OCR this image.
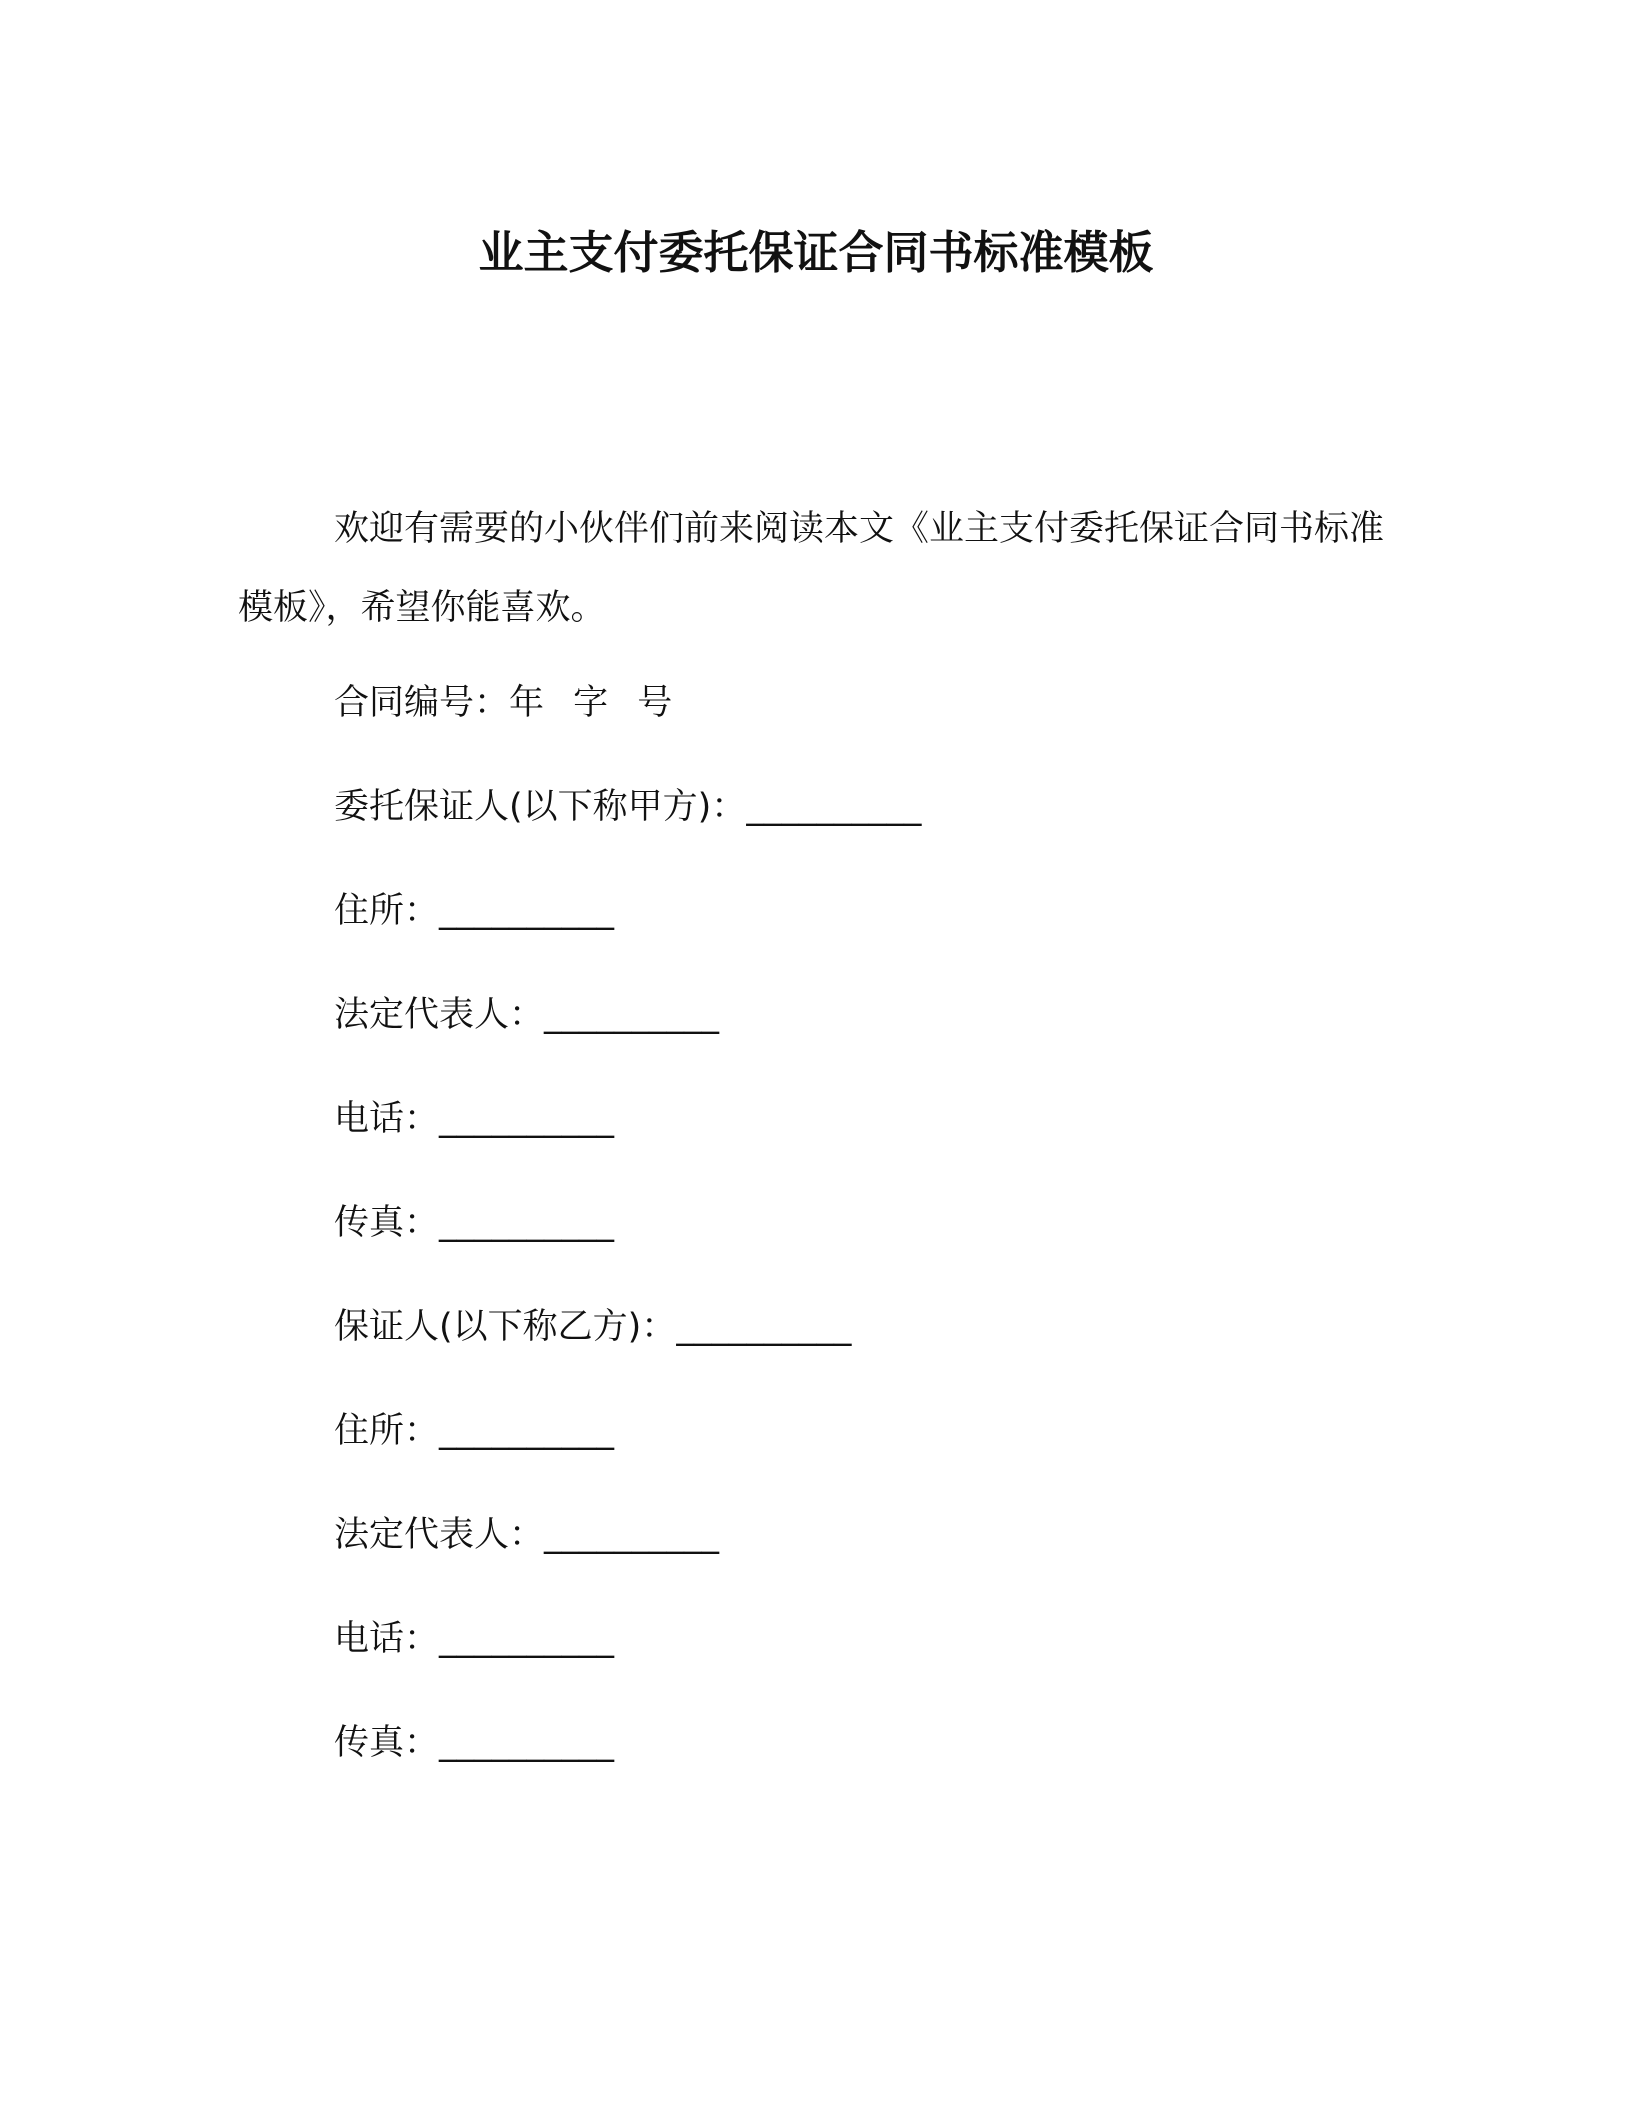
业主支付委托保证合同书标准模板

欢迎有需要的小伙伴们前来阅读本文《业主支付委托保证合同书标准模板》，希望你能喜欢。

合同编号：年 字 号
委托保证人(以下称甲方)：__________
住所：__________
法定代表人：__________
电话：__________
传真：__________
保证人(以下称乙方)：__________
住所：__________
法定代表人：__________
电话：__________
传真：__________
